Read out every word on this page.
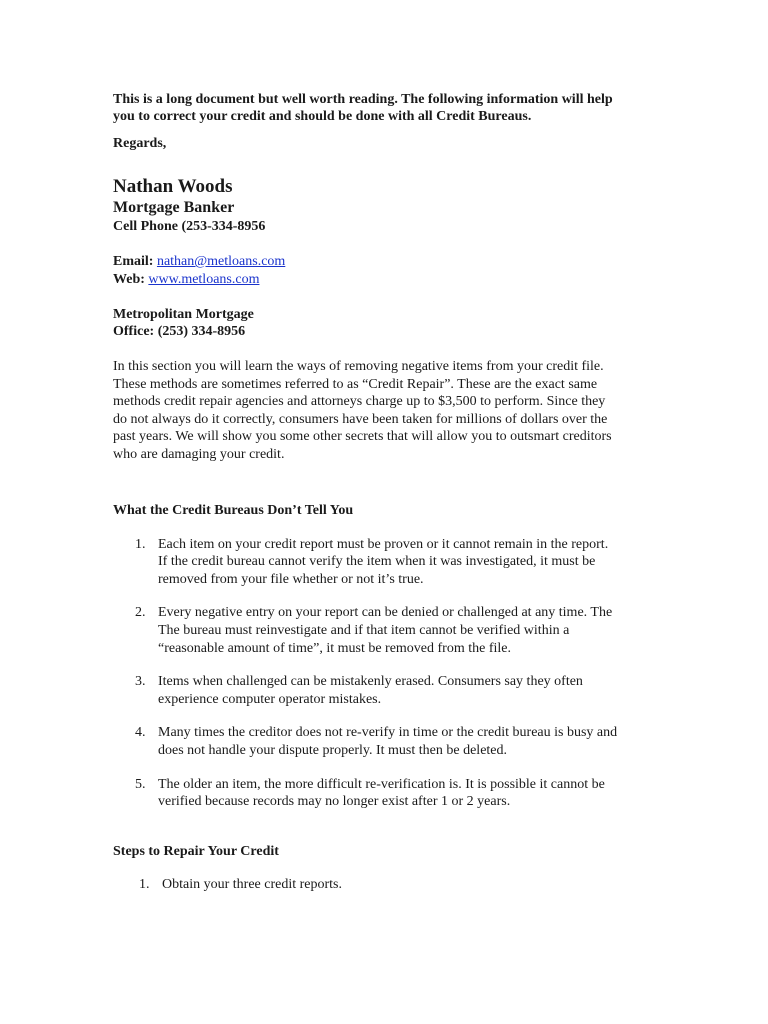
This is a long document but well worth reading. The following information will help
you to correct your credit and should be done with all Credit Bureaus.

Regards,

Nathan Woods

Mortgage Banker

Cell Phone (253-334-8956

Email: nathan@metloans.com
Web: www.metloans.com

Metropolitan Mortgage
Office: (253) 334-8956

In this section you will learn the ways of removing negative items from your credit file.
These methods are sometimes referred to as “Credit Repair”. These are the exact same
methods credit repair agencies and attorneys charge up to $3,500 to perform. Since they
do not always do it correctly, consumers have been taken for millions of dollars over the
past years. We will show you some other secrets that will allow you to outsmart creditors
who are damaging your credit.

What the Credit Bureaus Don’t Tell You

1. Each item on your credit report must be proven or it cannot remain in the report.
If the credit bureau cannot verify the item when it was investigated, it must be
removed from your file whether or not it’s true.
2. Every negative entry on your report can be denied or challenged at any time. The
The bureau must reinvestigate and if that item cannot be verified within a
“reasonable amount of time”, it must be removed from the file.
3. Items when challenged can be mistakenly erased. Consumers say they often
experience computer operator mistakes.
4. Many times the creditor does not re-verify in time or the credit bureau is busy and
does not handle your dispute properly. It must then be deleted.
5. The older an item, the more difficult re-verification is. It is possible it cannot be
verified because records may no longer exist after 1 or 2 years.

Steps to Repair Your Credit

1. Obtain your three credit reports.
